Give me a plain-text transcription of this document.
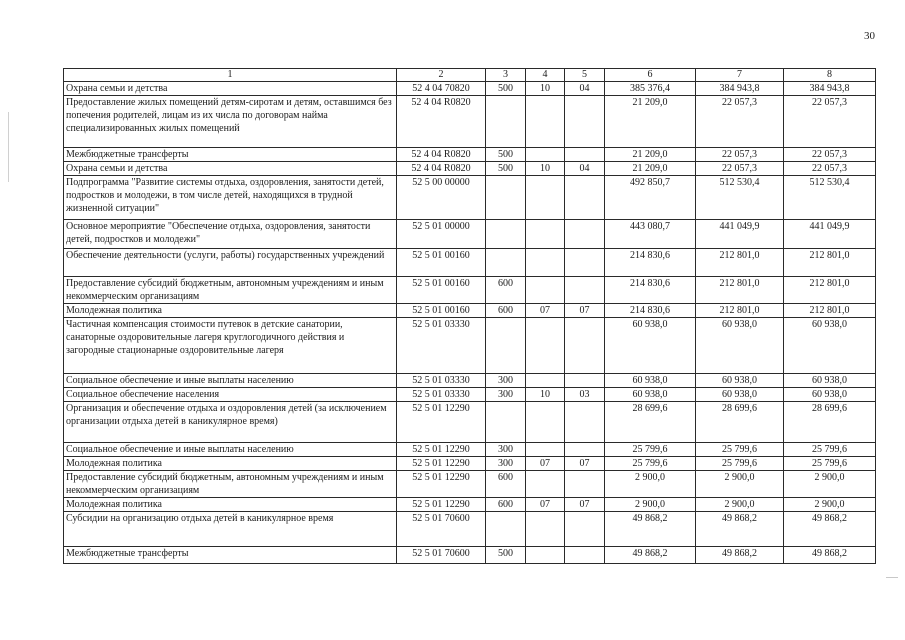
30
1	2	3	4	5	6	7	8
Охрана семьи и детства	52 4 04 70820	500	10	04	385 376,4	384 943,8	384 943,8
Предоставление жилых помещений детям-сиротам и детям, оставшимся без попечения родителей, лицам из их числа по договорам найма специализированных жилых помещений	52 4 04 R0820				21 209,0	22 057,3	22 057,3
Межбюджетные трансферты	52 4 04 R0820	500			21 209,0	22 057,3	22 057,3
Охрана семьи и детства	52 4 04 R0820	500	10	04	21 209,0	22 057,3	22 057,3
Подпрограмма "Развитие системы отдыха, оздоровления, занятости детей, подростков и молодежи, в том числе детей, находящихся в трудной жизненной ситуации"	52 5 00 00000				492 850,7	512 530,4	512 530,4
Основное мероприятие "Обеспечение отдыха, оздоровления, занятости детей, подростков и молодежи"	52 5 01 00000				443 080,7	441 049,9	441 049,9
Обеспечение деятельности (услуги, работы) государственных учреждений	52 5 01 00160				214 830,6	212 801,0	212 801,0
Предоставление субсидий бюджетным, автономным учреждениям и иным некоммерческим организациям	52 5 01 00160	600			214 830,6	212 801,0	212 801,0
Молодежная политика	52 5 01 00160	600	07	07	214 830,6	212 801,0	212 801,0
Частичная компенсация стоимости путевок в детские санатории, санаторные оздоровительные лагеря круглогодичного действия и загородные стационарные оздоровительные лагеря	52 5 01 03330				60 938,0	60 938,0	60 938,0
Социальное обеспечение и иные выплаты населению	52 5 01 03330	300			60 938,0	60 938,0	60 938,0
Социальное обеспечение населения	52 5 01 03330	300	10	03	60 938,0	60 938,0	60 938,0
Организация и обеспечение отдыха и оздоровления детей (за исключением организации отдыха детей в каникулярное время)	52 5 01 12290				28 699,6	28 699,6	28 699,6
Социальное обеспечение и иные выплаты населению	52 5 01 12290	300			25 799,6	25 799,6	25 799,6
Молодежная политика	52 5 01 12290	300	07	07	25 799,6	25 799,6	25 799,6
Предоставление субсидий бюджетным, автономным учреждениям и иным некоммерческим организациям	52 5 01 12290	600			2 900,0	2 900,0	2 900,0
Молодежная политика	52 5 01 12290	600	07	07	2 900,0	2 900,0	2 900,0
Субсидии на организацию отдыха детей в каникулярное время	52 5 01 70600				49 868,2	49 868,2	49 868,2
Межбюджетные трансферты	52 5 01 70600	500			49 868,2	49 868,2	49 868,2
